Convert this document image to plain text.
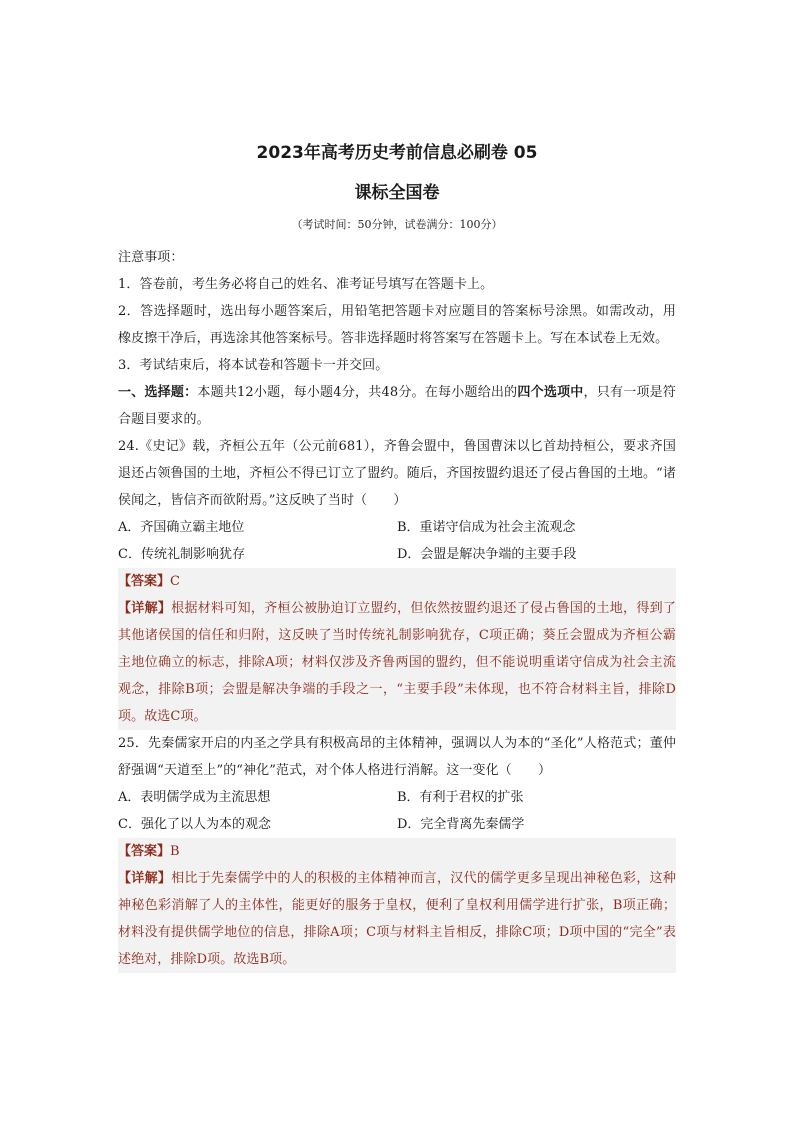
2023年高考历史考前信息必刷卷 05
课标全国卷
（考试时间：50分钟，试卷满分：100分）
注意事项：
1．答卷前，考生务必将自己的姓名、准考证号填写在答题卡上。
2．答选择题时，选出每小题答案后，用铅笔把答题卡对应题目的答案标号涂黑。如需改动，用橡皮擦干净后，再选涂其他答案标号。答非选择题时将答案写在答题卡上。写在本试卷上无效。
3．考试结束后，将本试卷和答题卡一并交回。
一、选择题：本题共12小题，每小题4分，共48分。在每小题给出的四个选项中，只有一项是符合题目要求的。
24.《史记》载，齐桓公五年（公元前681），齐鲁会盟中，鲁国曹沫以匕首劫持桓公，要求齐国退还占领鲁国的土地，齐桓公不得已订立了盟约。随后，齐国按盟约退还了侵占鲁国的土地。“诸侯闻之，皆信齐而欲附焉。”这反映了当时（　　）
A．齐国确立霸主地位	B．重诺守信成为社会主流观念
C．传统礼制影响犹存	D．会盟是解决争端的主要手段
【答案】C
【详解】根据材料可知，齐桓公被胁迫订立盟约，但依然按盟约退还了侵占鲁国的土地，得到了其他诸侯国的信任和归附，这反映了当时传统礼制影响犹存，C项正确；葵丘会盟成为齐桓公霸主地位确立的标志，排除A项；材料仅涉及齐鲁两国的盟约，但不能说明重诺守信成为社会主流观念，排除B项；会盟是解决争端的手段之一，“主要手段”未体现，也不符合材料主旨，排除D项。故选C项。
25．先秦儒家开启的内圣之学具有积极高昂的主体精神，强调以人为本的“圣化”人格范式；董仲舒强调“天道至上”的“神化”范式，对个体人格进行消解。这一变化（　　）
A．表明儒学成为主流思想	B．有利于君权的扩张
C．强化了以人为本的观念	D．完全背离先秦儒学
【答案】B
【详解】相比于先秦儒学中的人的积极的主体精神而言，汉代的儒学更多呈现出神秘色彩，这种神秘色彩消解了人的主体性，能更好的服务于皇权，便利了皇权利用儒学进行扩张，B项正确；材料没有提供儒学地位的信息，排除A项；C项与材料主旨相反，排除C项；D项中国的“完全”表述绝对，排除D项。故选B项。
